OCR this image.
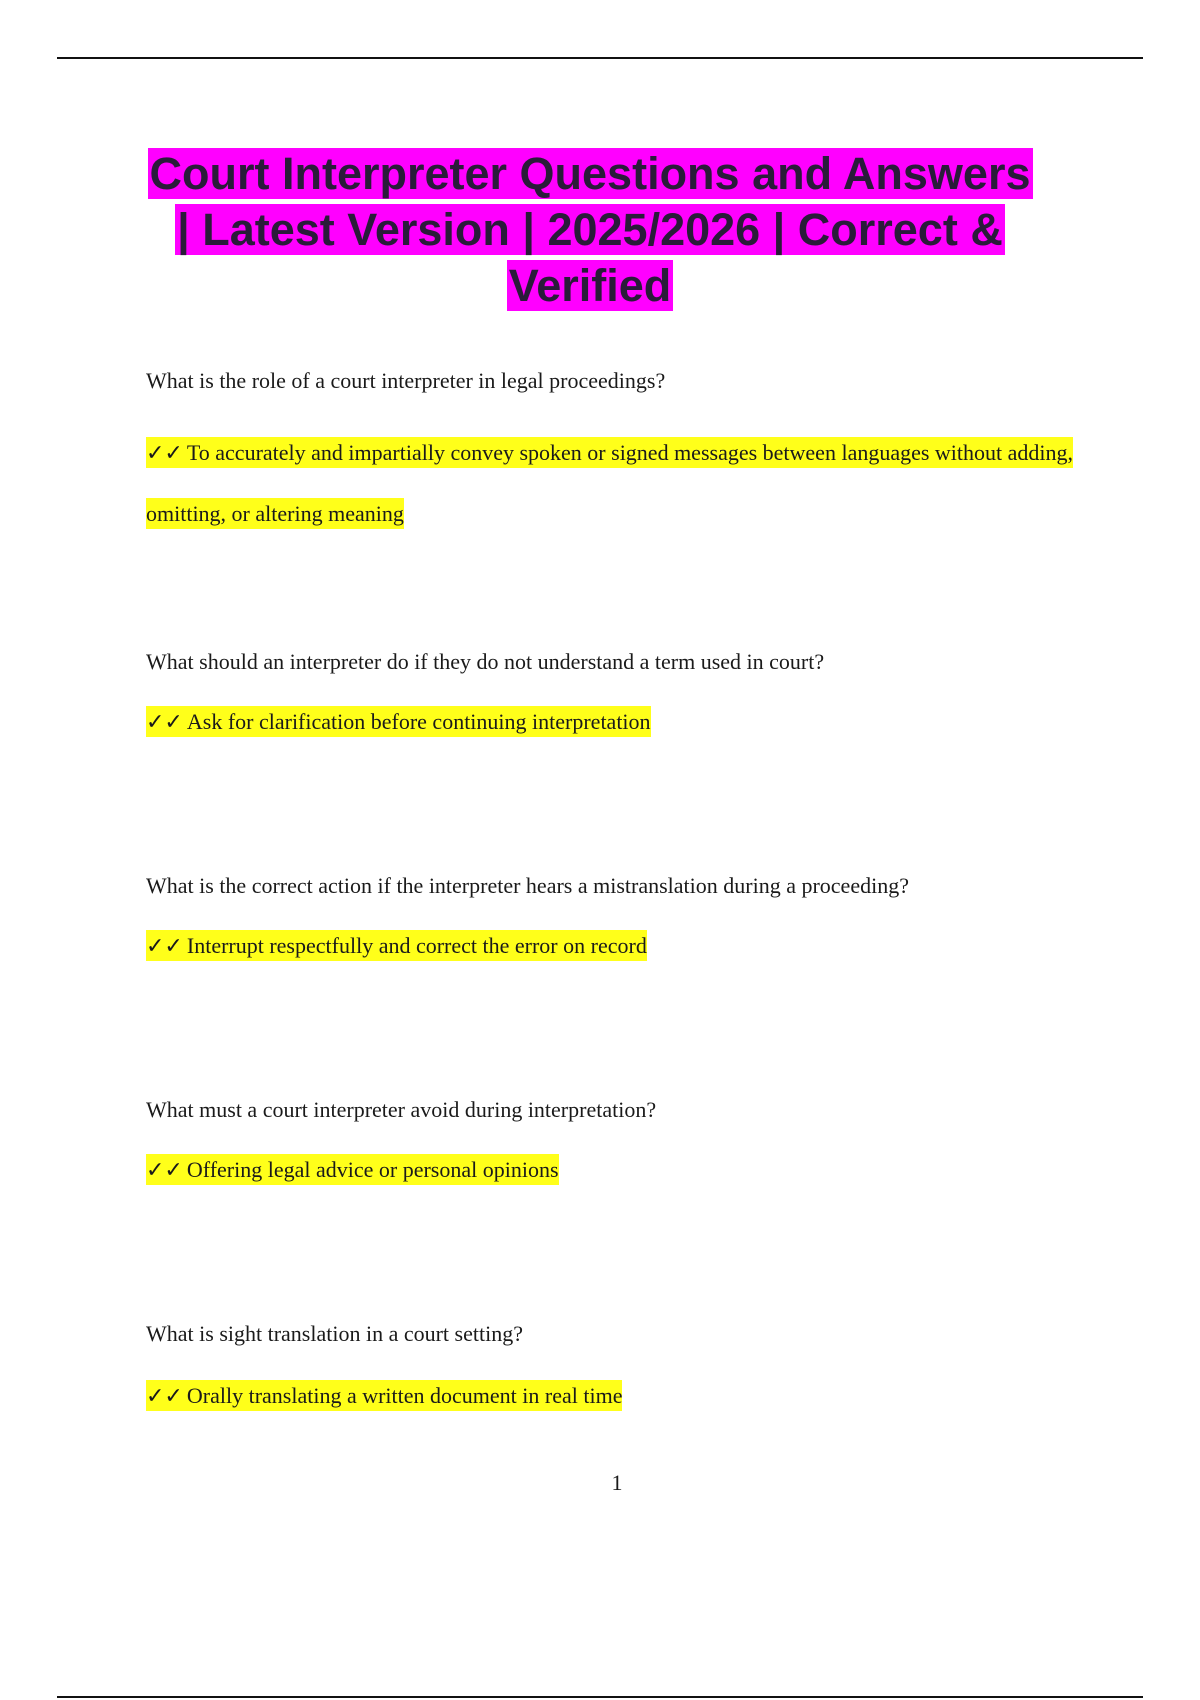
Court Interpreter Questions and Answers | Latest Version | 2025/2026 | Correct & Verified
What is the role of a court interpreter in legal proceedings?
✓✓ To accurately and impartially convey spoken or signed messages between languages without adding, omitting, or altering meaning
What should an interpreter do if they do not understand a term used in court?
✓✓ Ask for clarification before continuing interpretation
What is the correct action if the interpreter hears a mistranslation during a proceeding?
✓✓ Interrupt respectfully and correct the error on record
What must a court interpreter avoid during interpretation?
✓✓ Offering legal advice or personal opinions
What is sight translation in a court setting?
✓✓ Orally translating a written document in real time
1
